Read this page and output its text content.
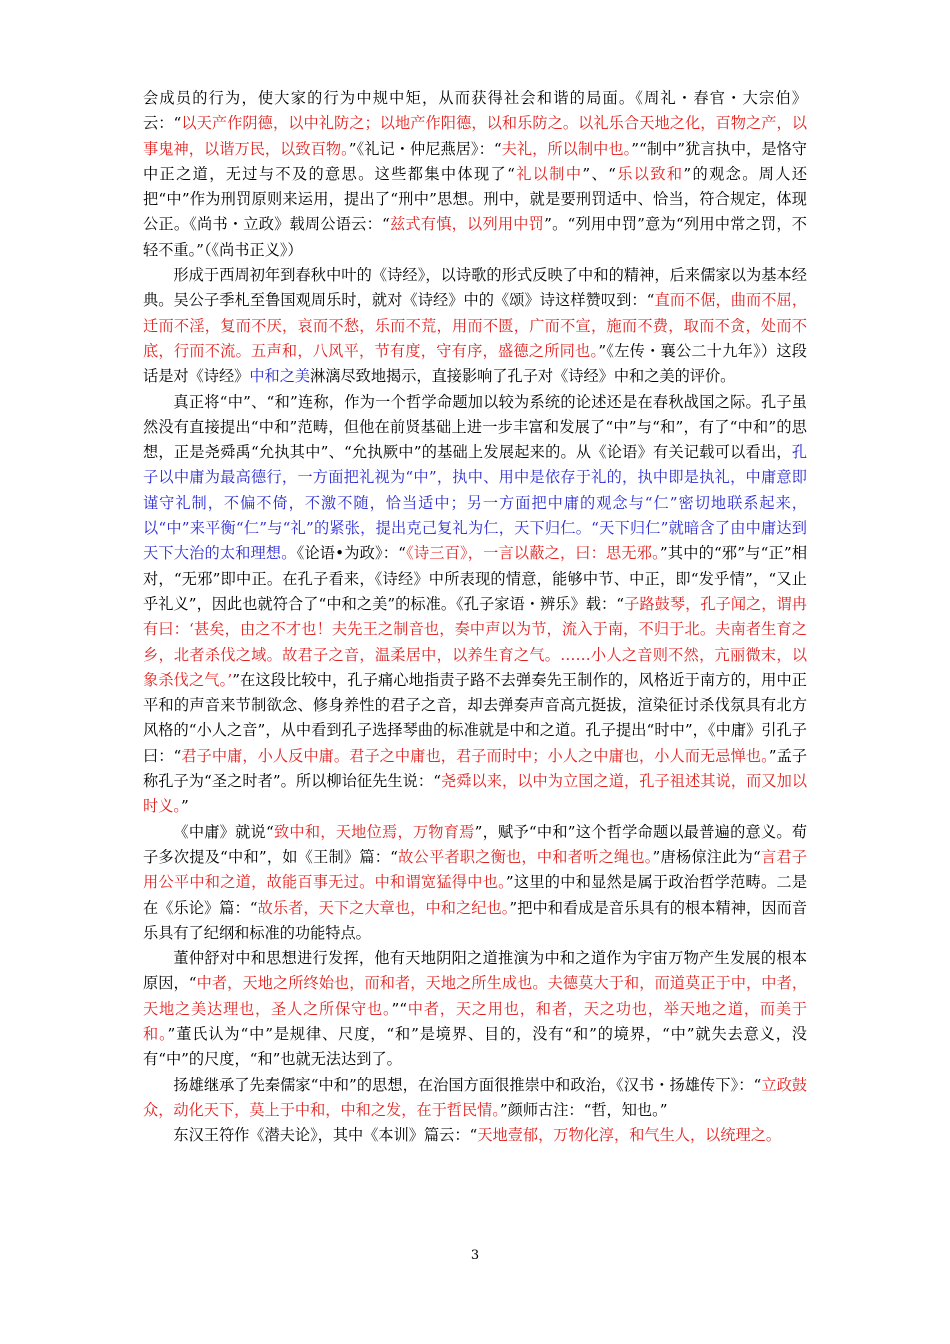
会成员的行为，使大家的行为中规中矩，从而获得社会和谐的局面。《周礼・春官・大宗伯》云：“以天产作阴德，以中礼防之；以地产作阳德，以和乐防之。以礼乐合天地之化，百物之产，以事鬼神，以谐万民，以致百物。”《礼记・仲尼燕居》：“夫礼，所以制中也。”“制中”犹言执中，是恪守中正之道，无过与不及的意思。这些都集中体现了“礼以制中”、“乐以致和”的观念。周人还把“中”作为刑罚原则来运用，提出了“刑中”思想。刑中，就是要刑罚适中、恰当，符合规定，体现公正。《尚书・立政》载周公语云：“兹式有慎，以列用中罚”。“列用中罚”意为“列用中常之罚，不轻不重。”（《尚书正义》）

形成于西周初年到春秋中叶的《诗经》，以诗歌的形式反映了中和的精神，后来儒家以为基本经典。吴公子季札至鲁国观周乐时，就对《诗经》中的《颂》诗这样赞叹到：“直而不倨，曲而不屈，迁而不淫，复而不厌，哀而不愁，乐而不荒，用而不匮，广而不宣，施而不费，取而不贪，处而不底，行而不流。五声和，八风平，节有度，守有序，盛德之所同也。”《左传・襄公二十九年》）这段话是对《诗经》中和之美淋漓尽致地揭示，直接影响了孔子对《诗经》中和之美的评价。

真正将“中”、“和”连称，作为一个哲学命题加以较为系统的论述还是在春秋战国之际。孔子虽然没有直接提出“中和”范畴，但他在前贤基础上进一步丰富和发展了“中”与“和”，有了“中和”的思想，正是尧舜禹“允执其中”、“允执厥中”的基础上发展起来的。从《论语》有关记载可以看出，孔子以中庸为最高德行，一方面把礼视为“中”，执中、用中是依存于礼的，执中即是执礼，中庸意即谨守礼制，不偏不倚，不激不随，恰当适中；另一方面把中庸的观念与“仁”密切地联系起来，以“中”来平衡“仁”与“礼”的紧张，提出克己复礼为仁，天下归仁。“天下归仁”就暗含了由中庸达到天下大治的太和理想。《论语•为政》：“《诗三百》，一言以蔽之，曰：思无邪。”其中的“邪”与“正”相对，“无邪”即中正。在孔子看来，《诗经》中所表现的情意，能够中节、中正，即“发乎情”，“又止乎礼义”，因此也就符合了“中和之美”的标准。《孔子家语・辨乐》载：“子路鼓琴，孔子闻之，谓冉有曰：‘甚矣，由之不才也！夫先王之制音也，奏中声以为节，流入于南，不归于北。夫南者生育之乡，北者杀伐之域。故君子之音，温柔居中，以养生育之气。……小人之音则不然，亢丽微末，以象杀伐之气。’”在这段比较中，孔子痛心地指责子路不去弹奏先王制作的，风格近于南方的，用中正平和的声音来节制欲念、修身养性的君子之音，却去弹奏声音高亢挺拔，渲染征讨杀伐氛具有北方风格的“小人之音”，从中看到孔子选择琴曲的标准就是中和之道。孔子提出“时中”，《中庸》引孔子曰：“君子中庸，小人反中庸。君子之中庸也，君子而时中；小人之中庸也，小人而无忌惮也。”孟子称孔子为“圣之时者”。所以柳诒征先生说：“尧舜以来，以中为立国之道，孔子祖述其说，而又加以时义。”

《中庸》就说“致中和，天地位焉，万物育焉”，赋予“中和”这个哲学命题以最普遍的意义。荀子多次提及“中和”，如《王制》篇：“故公平者职之衡也，中和者听之绳也。”唐杨倞注此为“言君子用公平中和之道，故能百事无过。中和谓宽猛得中也。”这里的中和显然是属于政治哲学范畴。二是在《乐论》篇：“故乐者，天下之大章也，中和之纪也。”把中和看成是音乐具有的根本精神，因而音乐具有了纪纲和标准的功能特点。

董仲舒对中和思想进行发挥，他有天地阴阳之道推演为中和之道作为宇宙万物产生发展的根本原因，“中者，天地之所终始也，而和者，天地之所生成也。夫德莫大于和，而道莫正于中，中者，天地之美达理也，圣人之所保守也。”“中者，天之用也，和者，天之功也，举天地之道，而美于和。”董氏认为“中”是规律、尺度，“和”是境界、目的，没有“和”的境界，“中”就失去意义，没有“中”的尺度，“和”也就无法达到了。

扬雄继承了先秦儒家“中和”的思想，在治国方面很推崇中和政治，《汉书・扬雄传下》：“立政鼓众，动化天下，莫上于中和，中和之发，在于哲民情。”颜师古注：“哲，知也。”

东汉王符作《潜夫论》，其中《本训》篇云：“天地壹郁，万物化淳，和气生人，以统理之。

3
